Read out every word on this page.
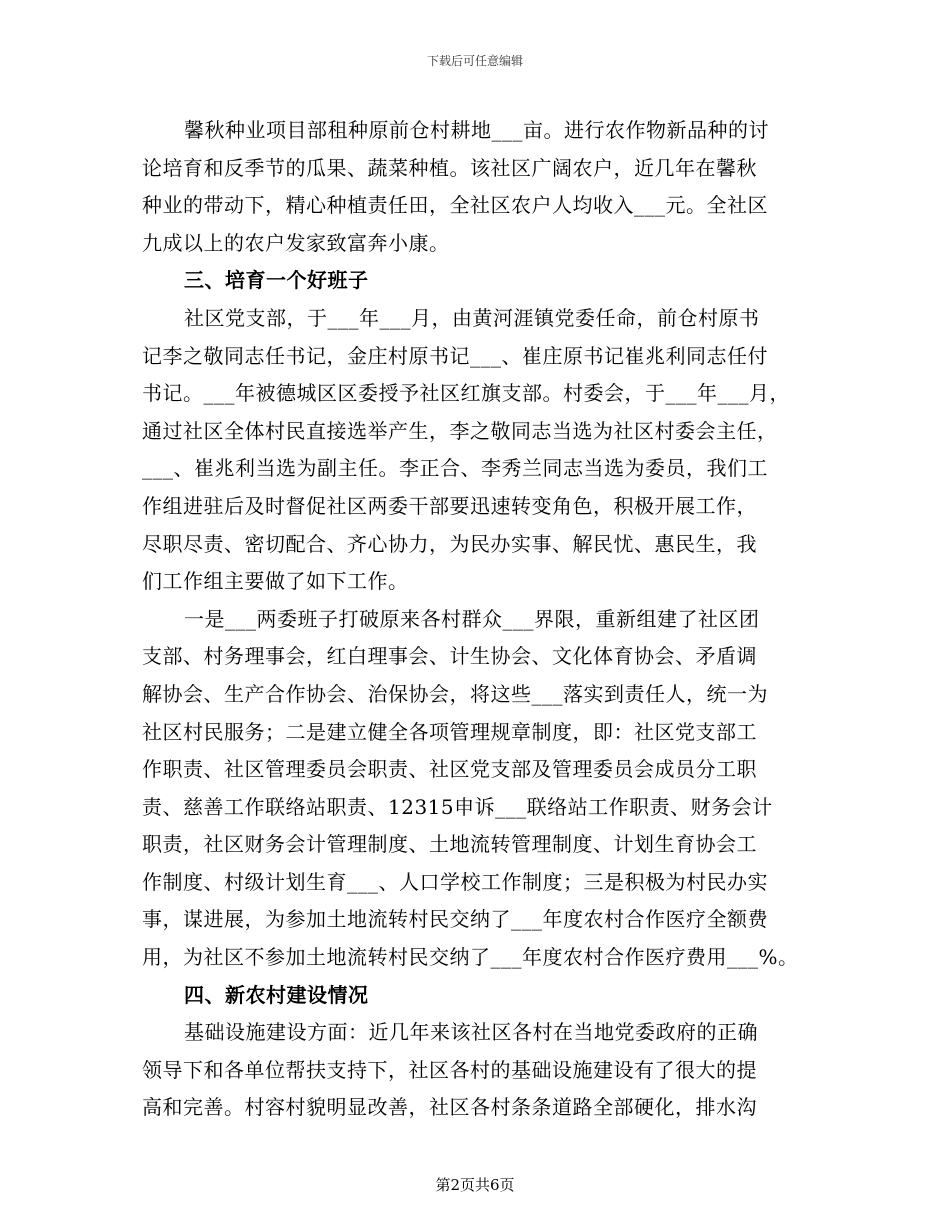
下载后可任意编辑
馨秋种业项目部租种原前仓村耕地___亩。进行农作物新品种的讨
论培育和反季节的瓜果、蔬菜种植。该社区广阔农户，近几年在馨秋
种业的带动下，精心种植责任田，全社区农户人均收入___元。全社区
九成以上的农户发家致富奔小康。
三、培育一个好班子
社区党支部，于___年___月，由黄河涯镇党委任命，前仓村原书
记李之敬同志任书记，金庄村原书记___、崔庄原书记崔兆利同志任付
书记。___年被德城区区委授予社区红旗支部。村委会，于___年___月，
通过社区全体村民直接选举产生，李之敬同志当选为社区村委会主任，
___、崔兆利当选为副主任。李正合、李秀兰同志当选为委员，我们工
作组进驻后及时督促社区两委干部要迅速转变角色，积极开展工作，
尽职尽责、密切配合、齐心协力，为民办实事、解民忧、惠民生，我
们工作组主要做了如下工作。
一是___两委班子打破原来各村群众___界限，重新组建了社区团
支部、村务理事会，红白理事会、计生协会、文化体育协会、矛盾调
解协会、生产合作协会、治保协会，将这些___落实到责任人，统一为
社区村民服务；二是建立健全各项管理规章制度，即：社区党支部工
作职责、社区管理委员会职责、社区党支部及管理委员会成员分工职
责、慈善工作联络站职责、12315申诉___联络站工作职责、财务会计
职责，社区财务会计管理制度、土地流转管理制度、计划生育协会工
作制度、村级计划生育___、人口学校工作制度；三是积极为村民办实
事，谋进展，为参加土地流转村民交纳了___年度农村合作医疗全额费
用，为社区不参加土地流转村民交纳了___年度农村合作医疗费用___%。
四、新农村建设情况
基础设施建设方面：近几年来该社区各村在当地党委政府的正确
领导下和各单位帮扶支持下，社区各村的基础设施建设有了很大的提
高和完善。村容村貌明显改善，社区各村条条道路全部硬化，排水沟
第2页共6页
